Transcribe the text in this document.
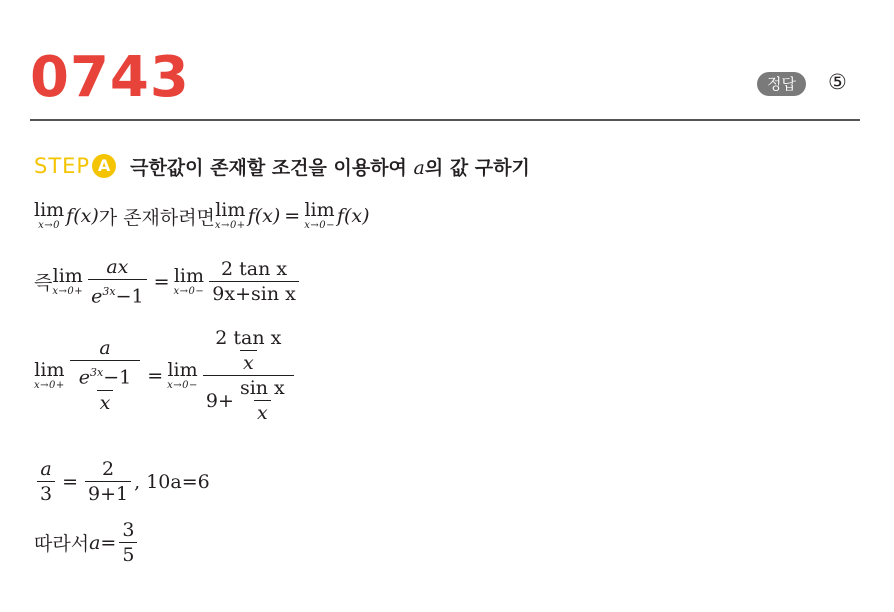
0743	정답	⑤
STEP A	극한값이 존재할 조건을 이용하여 a의 값 구하기
lim
x→0 f(x) 가 존재하려면 lim
x→0+ f(x) = lim
x→0− f(x)
즉 lim
$x\to 0+ \frac{ax}{e^{3x}-1} = \lim$
$x\to 0- \frac{\text{2 tan x}}{\text{9x+sin x}}$
lim
$x\to 0+ \frac{a}{\frac{e^{3x}-1}{x}} = \lim$
$x\to 0- \frac{\frac{\text{2 tan x}}{x}}{9+ \frac{\text{sin x}}{x}}$
$\frac{a}{3} = \frac{2}{9+1}$ , 10a=6
따라서 $a= \frac{3}{5}$
